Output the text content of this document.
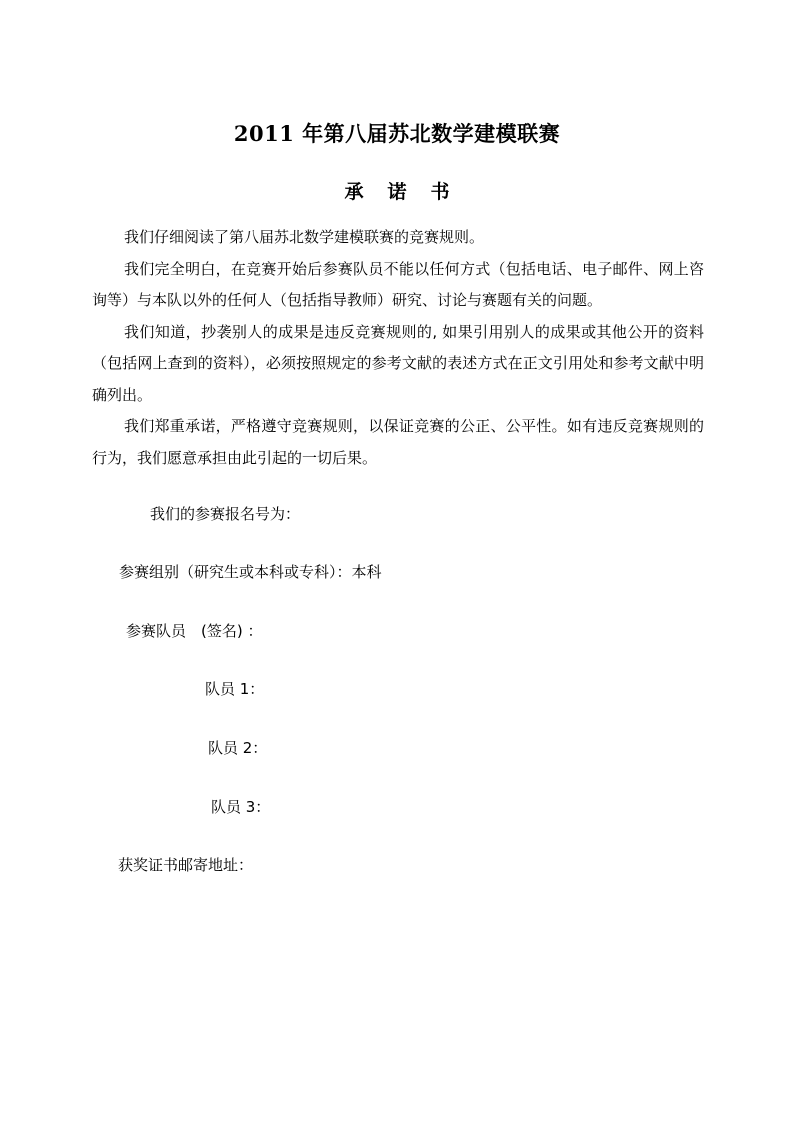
2011 年第八届苏北数学建模联赛
承 诺 书

我们仔细阅读了第八届苏北数学建模联赛的竞赛规则。

我们完全明白，在竞赛开始后参赛队员不能以任何方式（包括电话、电子邮件、网上咨询等）与本队以外的任何人（包括指导教师）研究、讨论与赛题有关的问题。

我们知道，抄袭别人的成果是违反竞赛规则的, 如果引用别人的成果或其他公开的资料（包括网上查到的资料），必须按照规定的参考文献的表述方式在正文引用处和参考文献中明确列出。

我们郑重承诺，严格遵守竞赛规则，以保证竞赛的公正、公平性。如有违反竞赛规则的行为，我们愿意承担由此引起的一切后果。

我们的参赛报名号为：
参赛组别（研究生或本科或专科）：本科
参赛队员　(签名) ：
队员 1：
队员 2：
队员 3：
获奖证书邮寄地址：
